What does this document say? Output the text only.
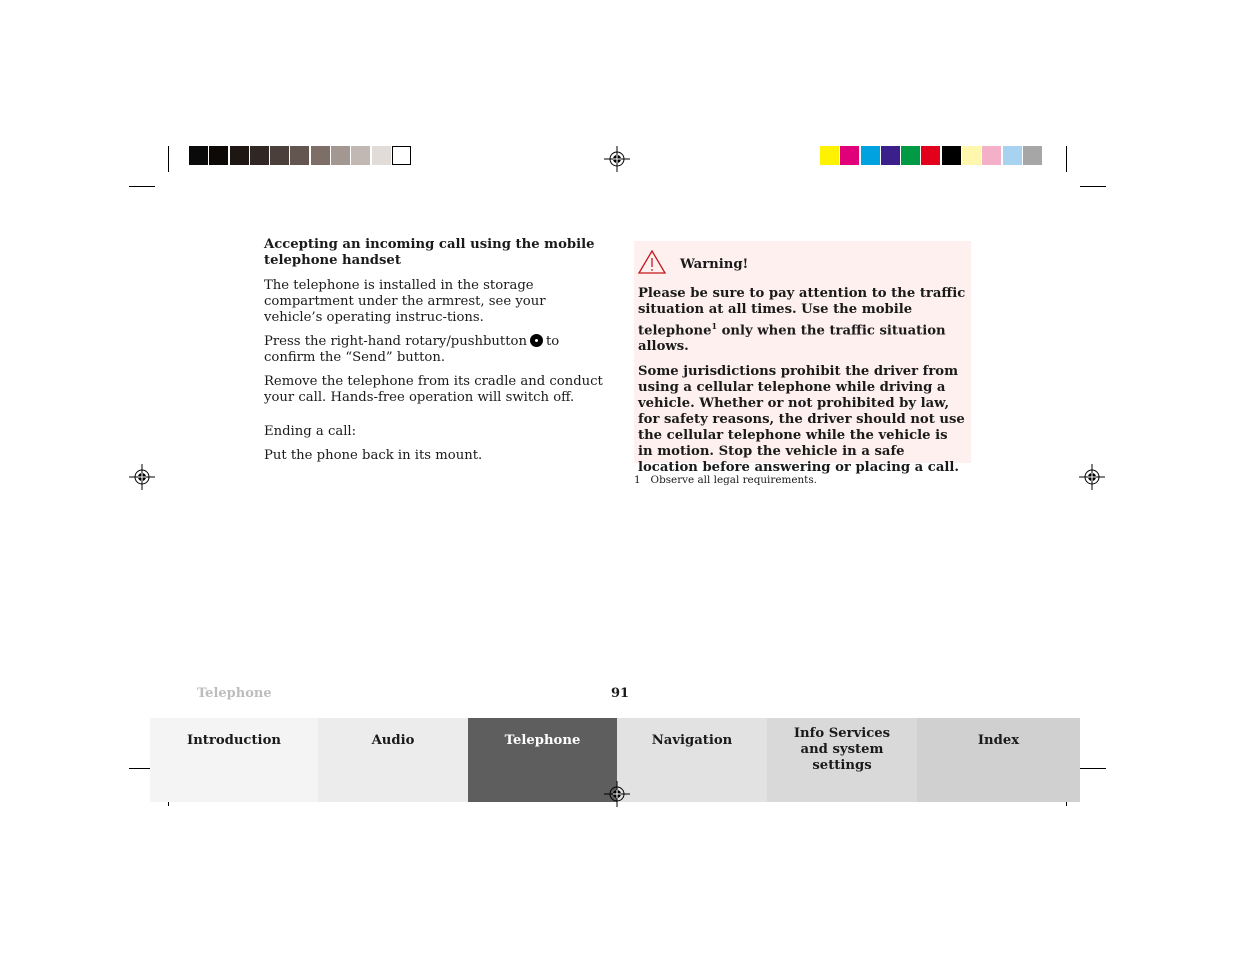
Accepting an incoming call using the mobile telephone handset

The telephone is installed in the storage compartment under the armrest, see your vehicle’s operating instruc-tions.

Press the right-hand rotary/pushbutton to confirm the “Send” button.

Remove the telephone from its cradle and conduct your call. Hands-free operation will switch off.

Ending a call:

Put the phone back in its mount.

Warning!

Please be sure to pay attention to the traffic situation at all times. Use the mobile telephone$^1$ only when the traffic situation allows.

Some jurisdictions prohibit the driver from using a cellular telephone while driving a vehicle. Whether or not prohibited by law, for safety reasons, the driver should not use the cellular telephone while the vehicle is in motion. Stop the vehicle in a safe location before answering or placing a call.

1 Observe all legal requirements.
Telephone	91
Introduction	Audio	Telephone	Navigation	Info Services and system settings
Index
